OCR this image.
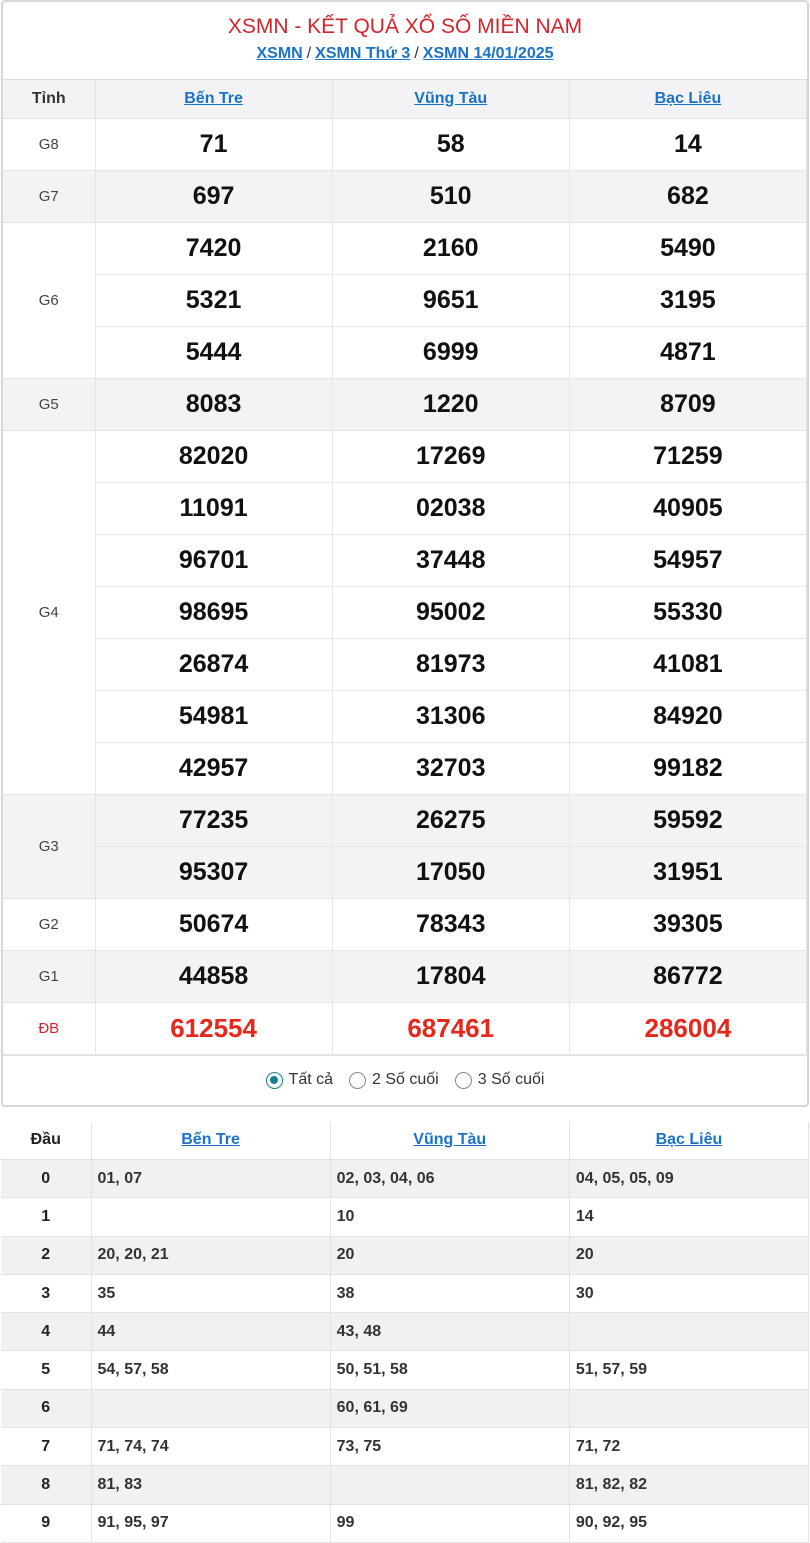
XSMN - KẾT QUẢ XỔ SỐ MIỀN NAM
XSMN / XSMN Thứ 3 / XSMN 14/01/2025
Tỉnh	Bến Tre	Vũng Tàu	Bạc Liêu
G8	71	58	14
G7	697	510	682
G6	7420	2160	5490
	5321	9651	3195
	5444	6999	4871
G5	8083	1220	8709
G4	82020	17269	71259
	11091	02038	40905
	96701	37448	54957
	98695	95002	55330
	26874	81973	41081
	54981	31306	84920
	42957	32703	99182
G3	77235	26275	59592
	95307	17050	31951
G2	50674	78343	39305
G1	44858	17804	86772
ĐB	612554	687461	286004
Tất cả 2 Số cuối 3 Số cuối
Đầu	Bến Tre	Vũng Tàu	Bạc Liêu
0	01, 07	02, 03, 04, 06	04, 05, 05, 09
1		10	14
2	20, 20, 21	20	20
3	35	38	30
4	44	43, 48	
5	54, 57, 58	50, 51, 58	51, 57, 59
6		60, 61, 69	
7	71, 74, 74	73, 75	71, 72
8	81, 83		81, 82, 82
9	91, 95, 97	99	90, 92, 95
